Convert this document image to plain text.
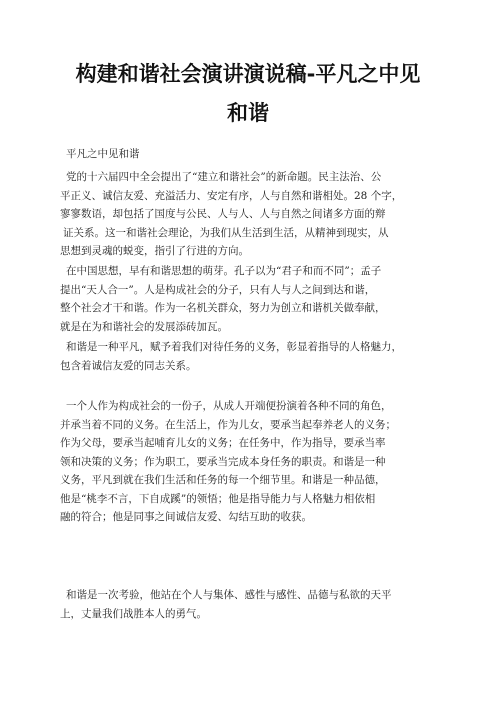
构建和谐社会演讲演说稿-平凡之中见
和谐

平凡之中见和谐

党的十六届四中全会提出了“建立和谐社会”的新命题。民主法治、公
平正义、诚信友爱、充溢活力、安定有序，人与自然和谐相处。28 个字，
寥寥数语，却包括了国度与公民、人与人、人与自然之间诸多方面的辩
证关系。这一和谐社会理论，为我们从生活到生活，从精神到现实，从
思想到灵魂的蜕变，指引了行进的方向。

在中国思想，早有和谐思想的萌芽。孔子以为“君子和而不同”；孟子
提出“天人合一”。人是构成社会的分子，只有人与人之间到达和谐，
整个社会才干和谐。作为一名机关群众，努力为创立和谐机关做奉献，
就是在为和谐社会的发展添砖加瓦。

和谐是一种平凡，赋予着我们对待任务的义务，彰显着指导的人格魅力，
包含着诚信友爱的同志关系。

一个人作为构成社会的一份子，从成人开端便扮演着各种不同的角色，
并承当着不同的义务。在生活上，作为儿女，要承当起奉养老人的义务；
作为父母，要承当起哺育儿女的义务；在任务中，作为指导，要承当率
领和决策的义务；作为职工，要承当完成本身任务的职责。和谐是一种
义务，平凡到就在我们生活和任务的每一个细节里。和谐是一种品德，
他是“桃李不言，下自成蹊”的领悟；他是指导能力与人格魅力相依相
融的符合；他是同事之间诚信友爱、勾结互助的收获。

和谐是一次考验，他站在个人与集体、感性与感性、品德与私欲的天平
上，丈量我们战胜本人的勇气。
